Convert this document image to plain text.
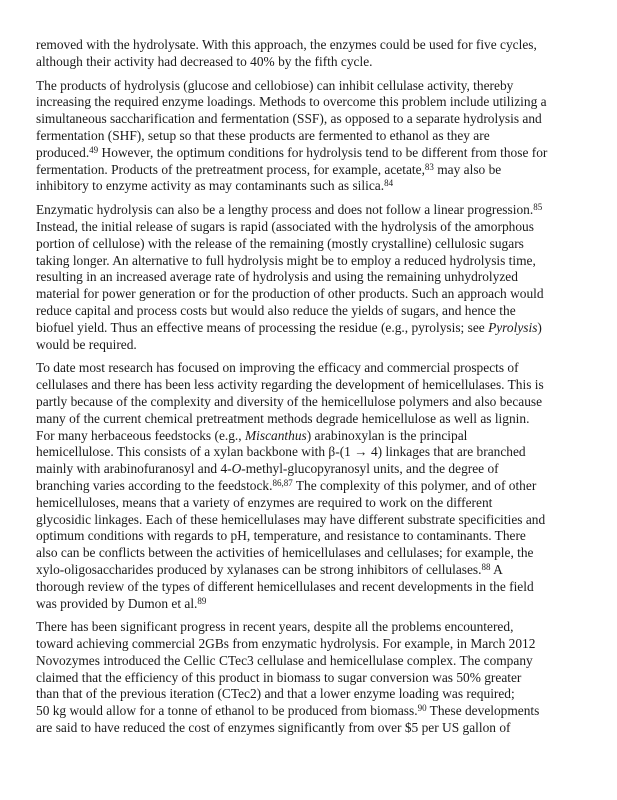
removed with the hydrolysate. With this approach, the enzymes could be used for five cycles,
although their activity had decreased to 40% by the fifth cycle.

The products of hydrolysis (glucose and cellobiose) can inhibit cellulase activity, thereby
increasing the required enzyme loadings. Methods to overcome this problem include utilizing a
simultaneous saccharification and fermentation (SSF), as opposed to a separate hydrolysis and
fermentation (SHF), setup so that these products are fermented to ethanol as they are
produced.$^{49}$ However, the optimum conditions for hydrolysis tend to be different from those for
fermentation. Products of the pretreatment process, for example, acetate,$^{83}$ may also be
inhibitory to enzyme activity as may contaminants such as silica.$^{84}$

Enzymatic hydrolysis can also be a lengthy process and does not follow a linear progression.$^{85}$
Instead, the initial release of sugars is rapid (associated with the hydrolysis of the amorphous
portion of cellulose) with the release of the remaining (mostly crystalline) cellulosic sugars
taking longer. An alternative to full hydrolysis might be to employ a reduced hydrolysis time,
resulting in an increased average rate of hydrolysis and using the remaining unhydrolyzed
material for power generation or for the production of other products. Such an approach would
reduce capital and process costs but would also reduce the yields of sugars, and hence the
biofuel yield. Thus an effective means of processing the residue (e.g., pyrolysis; see Pyrolysis)
would be required.

To date most research has focused on improving the efficacy and commercial prospects of
cellulases and there has been less activity regarding the development of hemicellulases. This is
partly because of the complexity and diversity of the hemicellulose polymers and also because
many of the current chemical pretreatment methods degrade hemicellulose as well as lignin.
For many herbaceous feedstocks (e.g., Miscanthus) arabinoxylan is the principal
hemicellulose. This consists of a xylan backbone with β-(1 → 4) linkages that are branched
mainly with arabinofuranosyl and 4-O-methyl-glucopyranosyl units, and the degree of
branching varies according to the feedstock.$^{86,87}$ The complexity of this polymer, and of other
hemicelluloses, means that a variety of enzymes are required to work on the different
glycosidic linkages. Each of these hemicellulases may have different substrate specificities and
optimum conditions with regards to pH, temperature, and resistance to contaminants. There
also can be conflicts between the activities of hemicellulases and cellulases; for example, the
xylo-oligosaccharides produced by xylanases can be strong inhibitors of cellulases.$^{88}$ A
thorough review of the types of different hemicellulases and recent developments in the field
was provided by Dumon et al.$^{89}$

There has been significant progress in recent years, despite all the problems encountered,
toward achieving commercial 2GBs from enzymatic hydrolysis. For example, in March 2012
Novozymes introduced the Cellic CTec3 cellulase and hemicellulase complex. The company
claimed that the efficiency of this product in biomass to sugar conversion was 50% greater
than that of the previous iteration (CTec2) and that a lower enzyme loading was required;
50 kg would allow for a tonne of ethanol to be produced from biomass.$^{90}$ These developments
are said to have reduced the cost of enzymes significantly from over $5 per US gallon of
